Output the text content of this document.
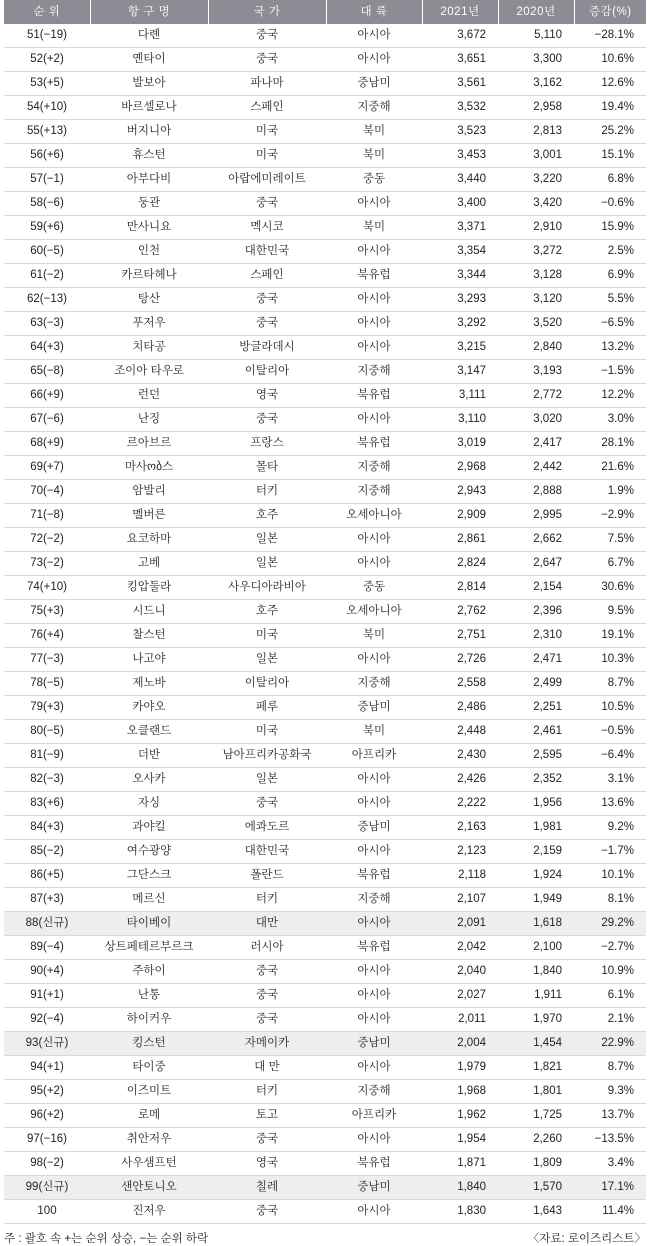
순 위	항 구 명	국 가	대 륙	2021년	2020년	증감(%)
51(−19)	다롄	중국	아시아	3,672	5,110	−28.1%
52(+2)	옌타이	중국	아시아	3,651	3,300	10.6%
53(+5)	발보아	파나마	중남미	3,561	3,162	12.6%
54(+10)	바르셀로나	스페인	지중해	3,532	2,958	19.4%
55(+13)	버지니아	미국	북미	3,523	2,813	25.2%
56(+6)	휴스턴	미국	북미	3,453	3,001	15.1%
57(−1)	아부다비	아랍에미레이트	중동	3,440	3,220	6.8%
58(−6)	둥관	중국	아시아	3,400	3,420	−0.6%
59(+6)	만사니요	멕시코	북미	3,371	2,910	15.9%
60(−5)	인천	대한민국	아시아	3,354	3,272	2.5%
61(−2)	카르타헤나	스페인	북유럽	3,344	3,128	6.9%
62(−13)	탕산	중국	아시아	3,293	3,120	5.5%
63(−3)	푸저우	중국	아시아	3,292	3,520	−6.5%
64(+3)	치타공	방글라데시	아시아	3,215	2,840	13.2%
65(−8)	조이아 타우로	이탈리아	지중해	3,147	3,193	−1.5%
66(+9)	런던	영국	북유럽	3,111	2,772	12.2%
67(−6)	난징	중국	아시아	3,110	3,020	3.0%
68(+9)	르아브르	프랑스	북유럽	3,019	2,417	28.1%
69(+7)	마사ობ스	몰타	지중해	2,968	2,442	21.6%
70(−4)	암발리	터키	지중해	2,943	2,888	1.9%
71(−8)	멜버른	호주	오세아니아	2,909	2,995	−2.9%
72(−2)	요코하마	일본	아시아	2,861	2,662	7.5%
73(−2)	고베	일본	아시아	2,824	2,647	6.7%
74(+10)	킹압둘라	사우디아라비아	중동	2,814	2,154	30.6%
75(+3)	시드니	호주	오세아니아	2,762	2,396	9.5%
76(+4)	찰스턴	미국	북미	2,751	2,310	19.1%
77(−3)	나고야	일본	아시아	2,726	2,471	10.3%
78(−5)	제노바	이탈리아	지중해	2,558	2,499	8.7%
79(+3)	카야오	페루	중남미	2,486	2,251	10.5%
80(−5)	오클랜드	미국	북미	2,448	2,461	−0.5%
81(−9)	더반	남아프리카공화국	아프리카	2,430	2,595	−6.4%
82(−3)	오사카	일본	아시아	2,426	2,352	3.1%
83(+6)	자싱	중국	아시아	2,222	1,956	13.6%
84(+3)	과야킬	에콰도르	중남미	2,163	1,981	9.2%
85(−2)	여수광양	대한민국	아시아	2,123	2,159	−1.7%
86(+5)	그단스크	폴란드	북유럽	2,118	1,924	10.1%
87(+3)	메르신	터키	지중해	2,107	1,949	8.1%
88(신규)	타이베이	대만	아시아	2,091	1,618	29.2%
89(−4)	상트페테르부르크	러시아	북유럽	2,042	2,100	−2.7%
90(+4)	주하이	중국	아시아	2,040	1,840	10.9%
91(+1)	난통	중국	아시아	2,027	1,911	6.1%
92(−4)	하이커우	중국	아시아	2,011	1,970	2.1%
93(신규)	킹스턴	자메이카	중남미	2,004	1,454	22.9%
94(+1)	타이중	대 만	아시아	1,979	1,821	8.7%
95(+2)	이즈미트	터키	지중해	1,968	1,801	9.3%
96(+2)	로메	토고	아프리카	1,962	1,725	13.7%
97(−16)	취안저우	중국	아시아	1,954	2,260	−13.5%
98(−2)	사우샘프턴	영국	북유럽	1,871	1,809	3.4%
99(신규)	샌안토니오	칠레	중남미	1,840	1,570	17.1%
100	진저우	중국	아시아	1,830	1,643	11.4%
주 : 괄호 속 +는 순위 상승, −는 순위 하락	〈자료: 로이즈리스트〉
